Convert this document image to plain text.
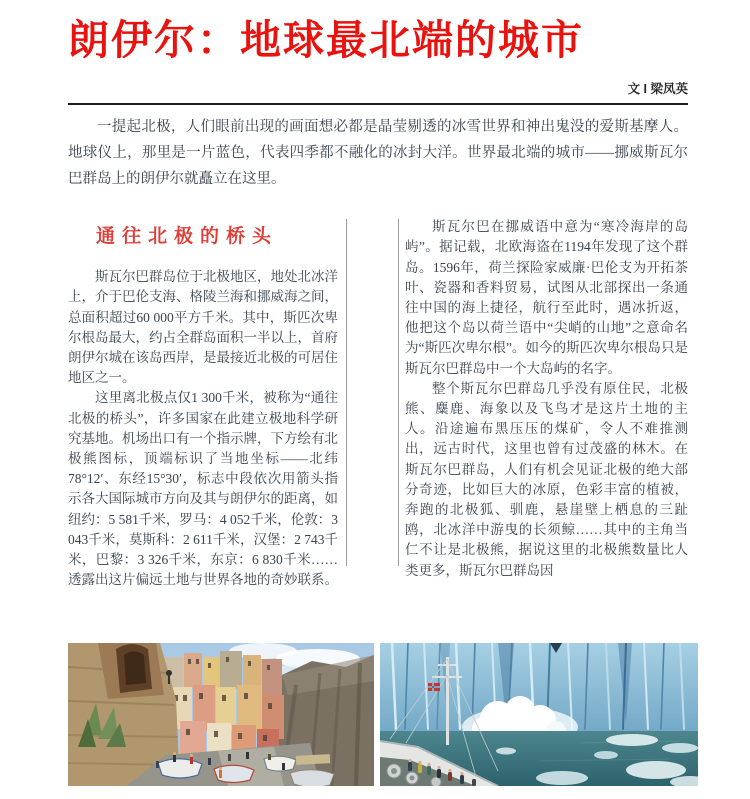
朗伊尔：地球最北端的城市
文 I 梁凤英

一提起北极，人们眼前出现的画面想必都是晶莹剔透的冰雪世界和神出鬼没的爱斯基摩人。地球仪上，那里是一片蓝色，代表四季都不融化的冰封大洋。世界最北端的城市——挪威斯瓦尔巴群岛上的朗伊尔就矗立在这里。

通往北极的桥头

斯瓦尔巴群岛位于北极地区，地处北冰洋上，介于巴伦支海、格陵兰海和挪威海之间，总面积超过60 000平方千米。其中，斯匹次卑尔根岛最大，约占全群岛面积一半以上，首府朗伊尔城在该岛西岸，是最接近北极的可居住地区之一。

这里离北极点仅1 300千米，被称为“通往北极的桥头”，许多国家在此建立极地科学研究基地。机场出口有一个指示牌，下方绘有北极熊图标，顶端标识了当地坐标——北纬78°12′、东经15°30′，标志中段依次用箭头指示各大国际城市方向及其与朗伊尔的距离，如纽约：5 581千米，罗马：4 052千米，伦敦：3 043千米，莫斯科：2 611千米，汉堡：2 743千米，巴黎：3 326千米，东京：6 830千米……透露出这片偏远土地与世界各地的奇妙联系。

斯瓦尔巴在挪威语中意为“寒冷海岸的岛屿”。据记载，北欧海盗在1194年发现了这个群岛。1596年，荷兰探险家威廉·巴伦支为开拓茶叶、瓷器和香料贸易，试图从北部探出一条通往中国的海上捷径，航行至此时，遇冰折返，他把这个岛以荷兰语中“尖峭的山地”之意命名为“斯匹次卑尔根”。如今的斯匹次卑尔根岛只是斯瓦尔巴群岛中一个大岛屿的名字。

整个斯瓦尔巴群岛几乎没有原住民，北极熊、麋鹿、海象以及飞鸟才是这片土地的主人。沿途遍布黑压压的煤矿，令人不难推测出，远古时代，这里也曾有过茂盛的林木。在斯瓦尔巴群岛，人们有机会见证北极的绝大部分奇迹，比如巨大的冰原，色彩丰富的植被，奔跑的北极狐、驯鹿，悬崖壁上栖息的三趾鸥，北冰洋中游曳的长须鲸……其中的主角当仁不让是北极熊，据说这里的北极熊数量比人类更多，斯瓦尔巴群岛因
